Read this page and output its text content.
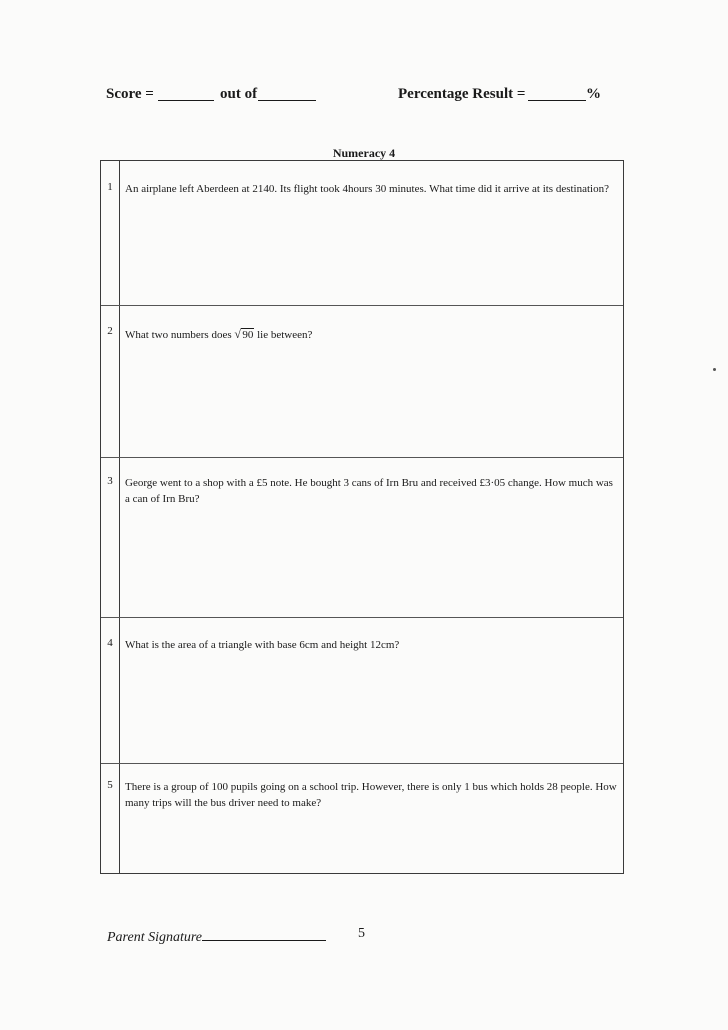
Score =	out of	Percentage Result =	%
Numeracy 4
1	An airplane left Aberdeen at 2140. Its flight took 4hours 30 minutes. What time did it arrive at its destination?
2	What two numbers does √ 90 lie between?
3	George went to a shop with a £5 note. He bought 3 cans of Irn Bru and received £3·05 change. How much was a can of Irn Bru?
4	What is the area of a triangle with base 6cm and height 12cm?
5	There is a group of 100 pupils going on a school trip. However, there is only 1 bus which holds 28 people. How many trips will the bus driver need to make?
Parent Signature	5
